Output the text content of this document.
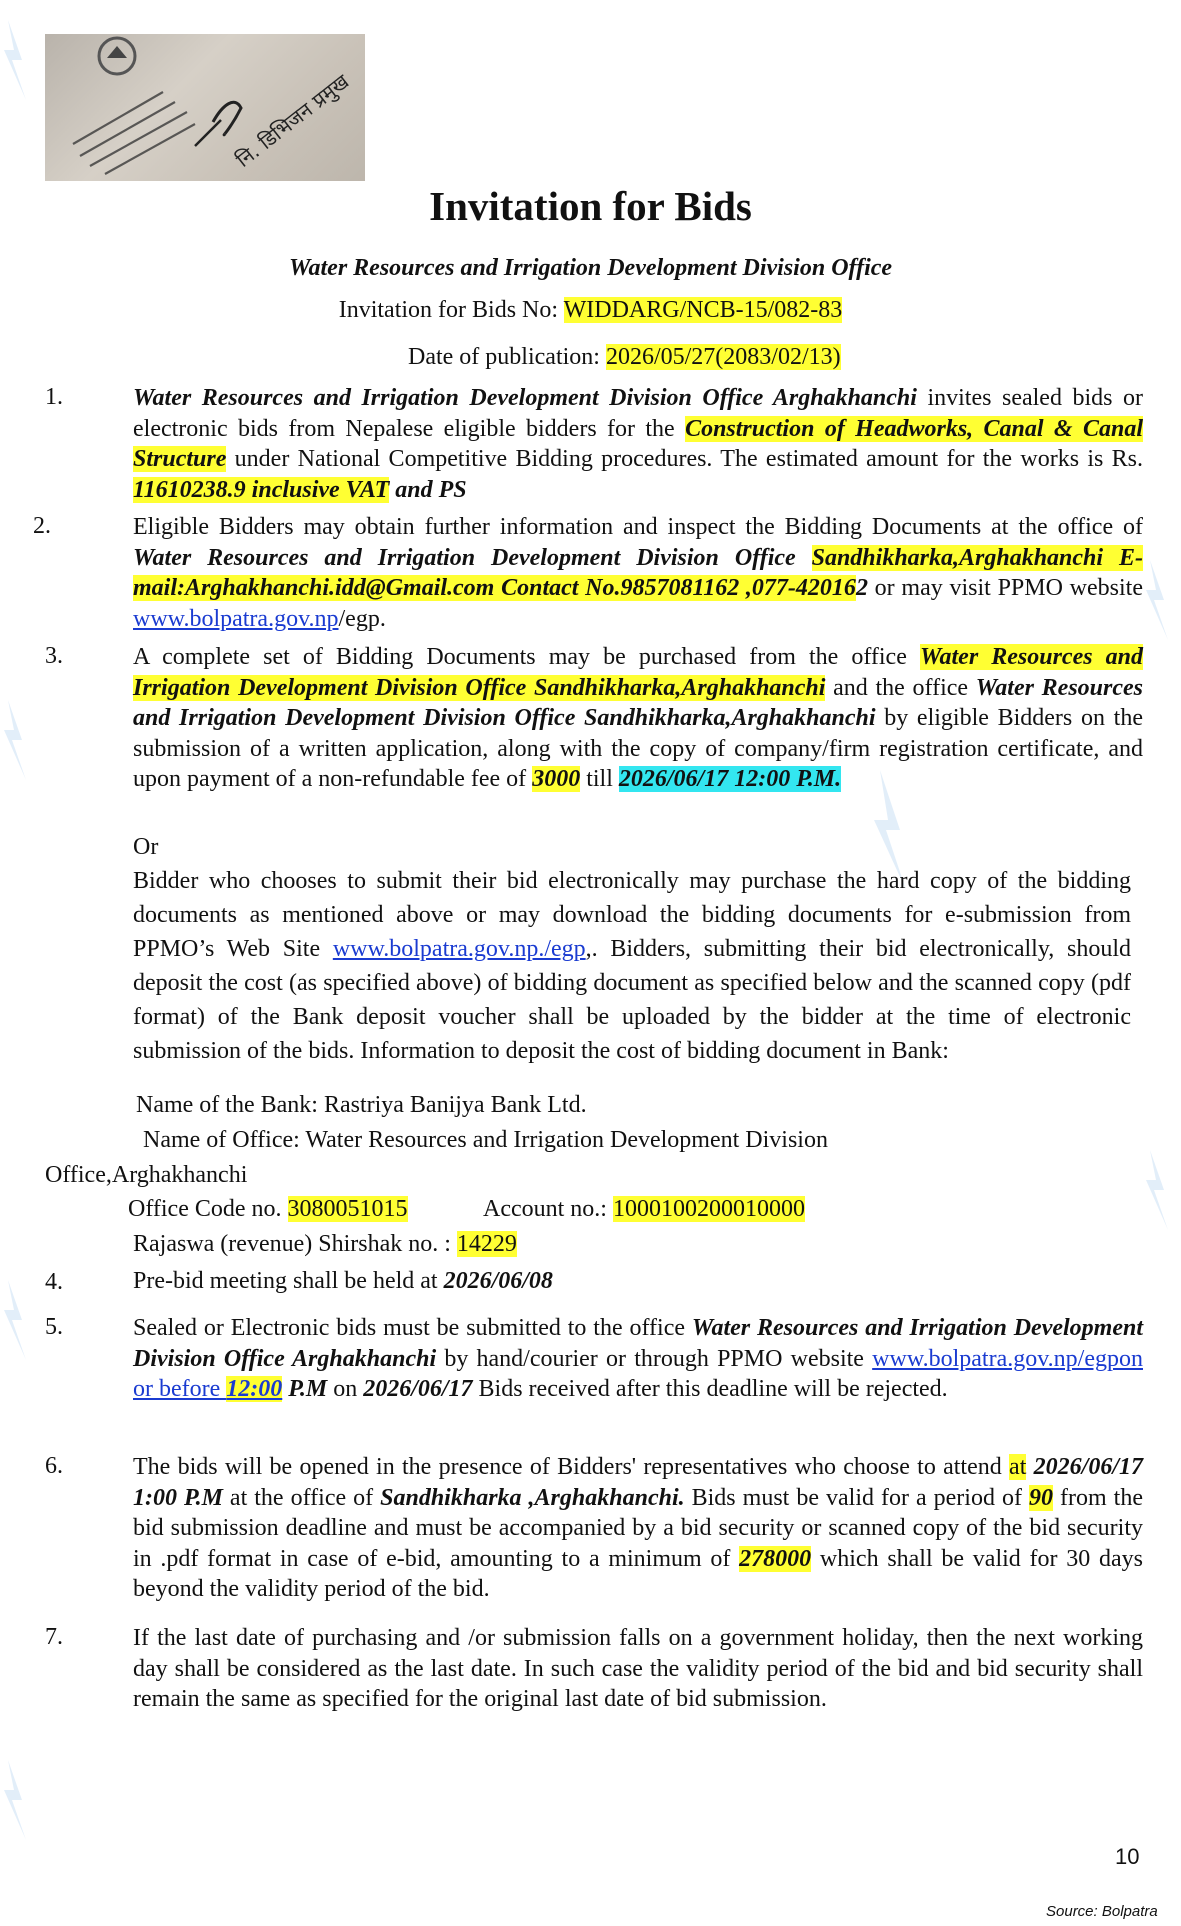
नि. डिभिजन प्रमुख
Invitation for Bids
Water Resources and Irrigation Development Division Office
Invitation for Bids No: WIDDARG/NCB-15/082-83
Date of publication: 2026/05/27(2083/02/13)
1.	Water Resources and Irrigation Development Division Office Arghakhanchi invites sealed bids or electronic bids from Nepalese eligible bidders for the Construction of Headworks, Canal & Canal Structure under National Competitive Bidding procedures. The estimated amount for the works is Rs. 11610238.9 inclusive VAT and PS
2.	Eligible Bidders may obtain further information and inspect the Bidding Documents at the office of Water Resources and Irrigation Development Division Office Sandhikharka,Arghakhanchi E-mail:Arghakhanchi.idd@Gmail.com Contact No.9857081162 ,077-420162 or may visit PPMO website www.bolpatra.gov.np/egp.
3.	A complete set of Bidding Documents may be purchased from the office Water Resources and Irrigation Development Division Office Sandhikharka,Arghakhanchi and the office Water Resources and Irrigation Development Division Office Sandhikharka,Arghakhanchi by eligible Bidders on the submission of a written application, along with the copy of company/firm registration certificate, and upon payment of a non-refundable fee of 3000 till 2026/06/17 12:00 P.M.
Or
Bidder who chooses to submit their bid electronically may purchase the hard copy of the bidding documents as mentioned above or may download the bidding documents for e-submission from PPMO’s Web Site www.bolpatra.gov.np./egp,. Bidders, submitting their bid electronically, should deposit the cost (as specified above) of bidding document as specified below and the scanned copy (pdf format) of the Bank deposit voucher shall be uploaded by the bidder at the time of electronic submission of the bids. Information to deposit the cost of bidding document in Bank:
Name of the Bank: Rastriya Banijya Bank Ltd.
Name of Office: Water Resources and Irrigation Development Division
Office,Arghakhanchi
Office Code no. 3080051015	Account no.: 1000100200010000
Rajaswa (revenue) Shirshak no. : 14229
4.	Pre-bid meeting shall be held at 2026/06/08
5.	Sealed or Electronic bids must be submitted to the office Water Resources and Irrigation Development Division Office Arghakhanchi by hand/courier or through PPMO website www.bolpatra.gov.np/egpon or before 12:00 P.M on 2026/06/17 Bids received after this deadline will be rejected.
6.	The bids will be opened in the presence of Bidders' representatives who choose to attend at 2026/06/17 1:00 P.M at the office of Sandhikharka ,Arghakhanchi. Bids must be valid for a period of 90 from the bid submission deadline and must be accompanied by a bid security or scanned copy of the bid security in .pdf format in case of e-bid, amounting to a minimum of 278000 which shall be valid for 30 days beyond the validity period of the bid.
7.	If the last date of purchasing and /or submission falls on a government holiday, then the next working day shall be considered as the last date. In such case the validity period of the bid and bid security shall remain the same as specified for the original last date of bid submission.
10
Source: Bolpatra
